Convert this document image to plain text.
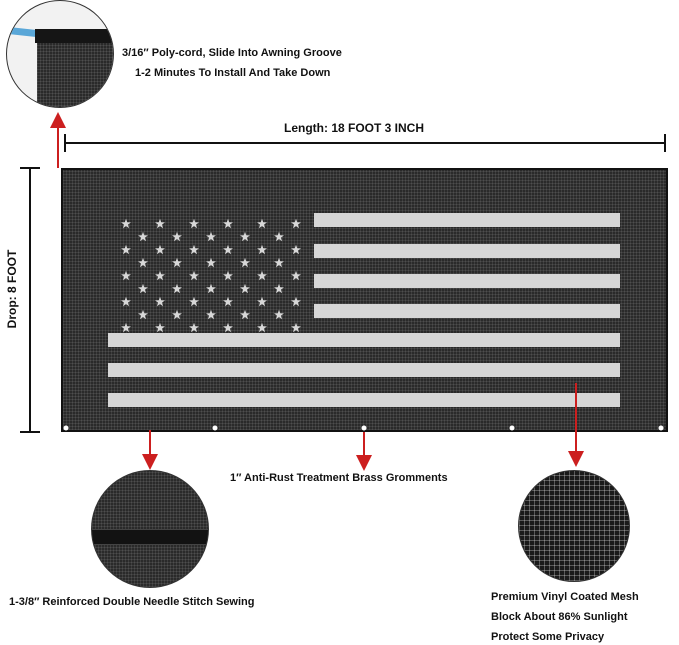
3/16″ Poly-cord, Slide Into Awning Groove
1-2 Minutes To Install And Take Down
Length: 18 FOOT 3 INCH
Drop: 8 FOOT
1″ Anti-Rust Treatment Brass Gromments
1-3/8″ Reinforced Double Needle Stitch Sewing	Premium Vinyl Coated Mesh
Block About 86% Sunlight
Protect Some Privacy
